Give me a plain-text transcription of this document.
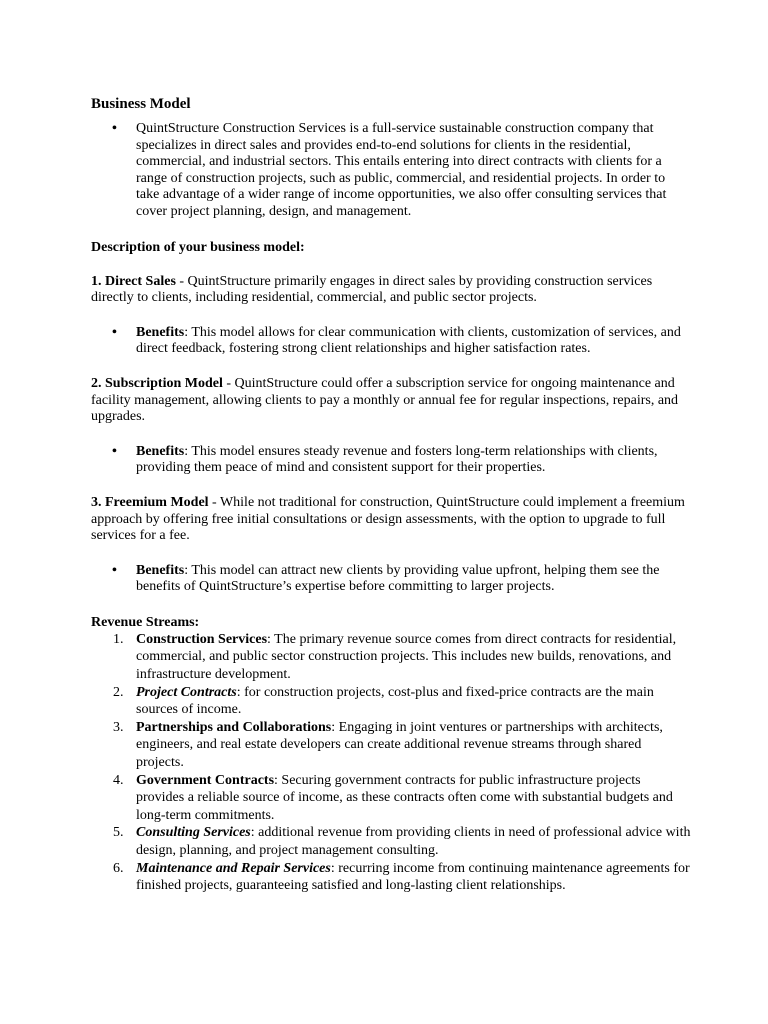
Business Model
•	QuintStructure Construction Services is a full-service sustainable construction company that specializes in direct sales and provides end-to-end solutions for clients in the residential, commercial, and industrial sectors. This entails entering into direct contracts with clients for a range of construction projects, such as public, commercial, and residential projects. In order to take advantage of a wider range of income opportunities, we also offer consulting services that cover project planning, design, and management.

Description of your business model:

1. Direct Sales - QuintStructure primarily engages in direct sales by providing construction services directly to clients, including residential, commercial, and public sector projects.

•	Benefits: This model allows for clear communication with clients, customization of services, and direct feedback, fostering strong client relationships and higher satisfaction rates.

2. Subscription Model - QuintStructure could offer a subscription service for ongoing maintenance and facility management, allowing clients to pay a monthly or annual fee for regular inspections, repairs, and upgrades.

•	Benefits: This model ensures steady revenue and fosters long-term relationships with clients, providing them peace of mind and consistent support for their properties.

3. Freemium Model - While not traditional for construction, QuintStructure could implement a freemium approach by offering free initial consultations or design assessments, with the option to upgrade to full services for a fee.

•	Benefits: This model can attract new clients by providing value upfront, helping them see the benefits of QuintStructure’s expertise before committing to larger projects.

Revenue Streams:

1. Construction Services: The primary revenue source comes from direct contracts for residential, commercial, and public sector construction projects. This includes new builds, renovations, and infrastructure development.
2. Project Contracts: for construction projects, cost-plus and fixed-price contracts are the main sources of income.
3. Partnerships and Collaborations: Engaging in joint ventures or partnerships with architects, engineers, and real estate developers can create additional revenue streams through shared projects.
4. Government Contracts: Securing government contracts for public infrastructure projects provides a reliable source of income, as these contracts often come with substantial budgets and long-term commitments.
5. Consulting Services: additional revenue from providing clients in need of professional advice with design, planning, and project management consulting.
6. Maintenance and Repair Services: recurring income from continuing maintenance agreements for finished projects, guaranteeing satisfied and long-lasting client relationships.
